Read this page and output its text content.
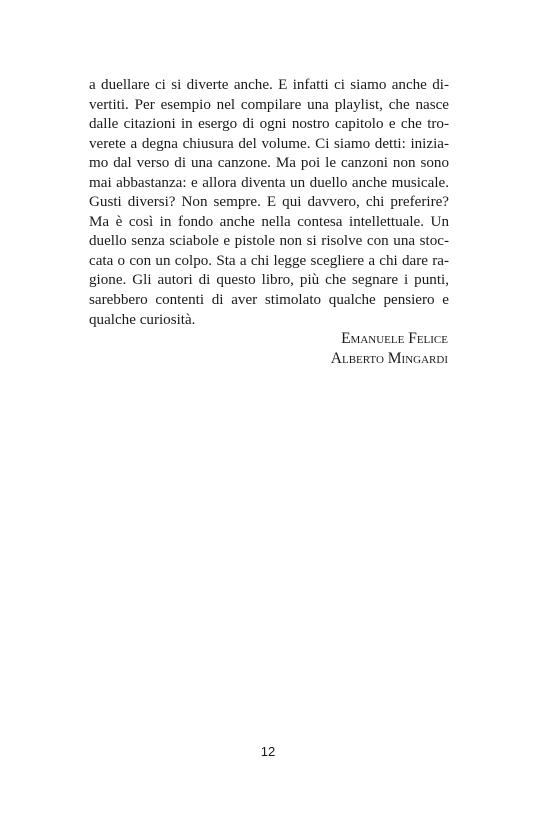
a duellare ci si diverte anche. E infatti ci siamo anche di-
vertiti. Per esempio nel compilare una playlist, che nasce
dalle citazioni in esergo di ogni nostro capitolo e che tro-
verete a degna chiusura del volume. Ci siamo detti: inizia-
mo dal verso di una canzone. Ma poi le canzoni non sono
mai abbastanza: e allora diventa un duello anche musicale.
Gusti diversi? Non sempre. E qui davvero, chi preferire?
Ma è così in fondo anche nella contesa intellettuale. Un
duello senza sciabole e pistole non si risolve con una stoc-
cata o con un colpo. Sta a chi legge scegliere a chi dare ra-
gione. Gli autori di questo libro, più che segnare i punti,
sarebbero contenti di aver stimolato qualche pensiero e
qualche curiosità.
Emanuele Felice
Alberto Mingardi
12
